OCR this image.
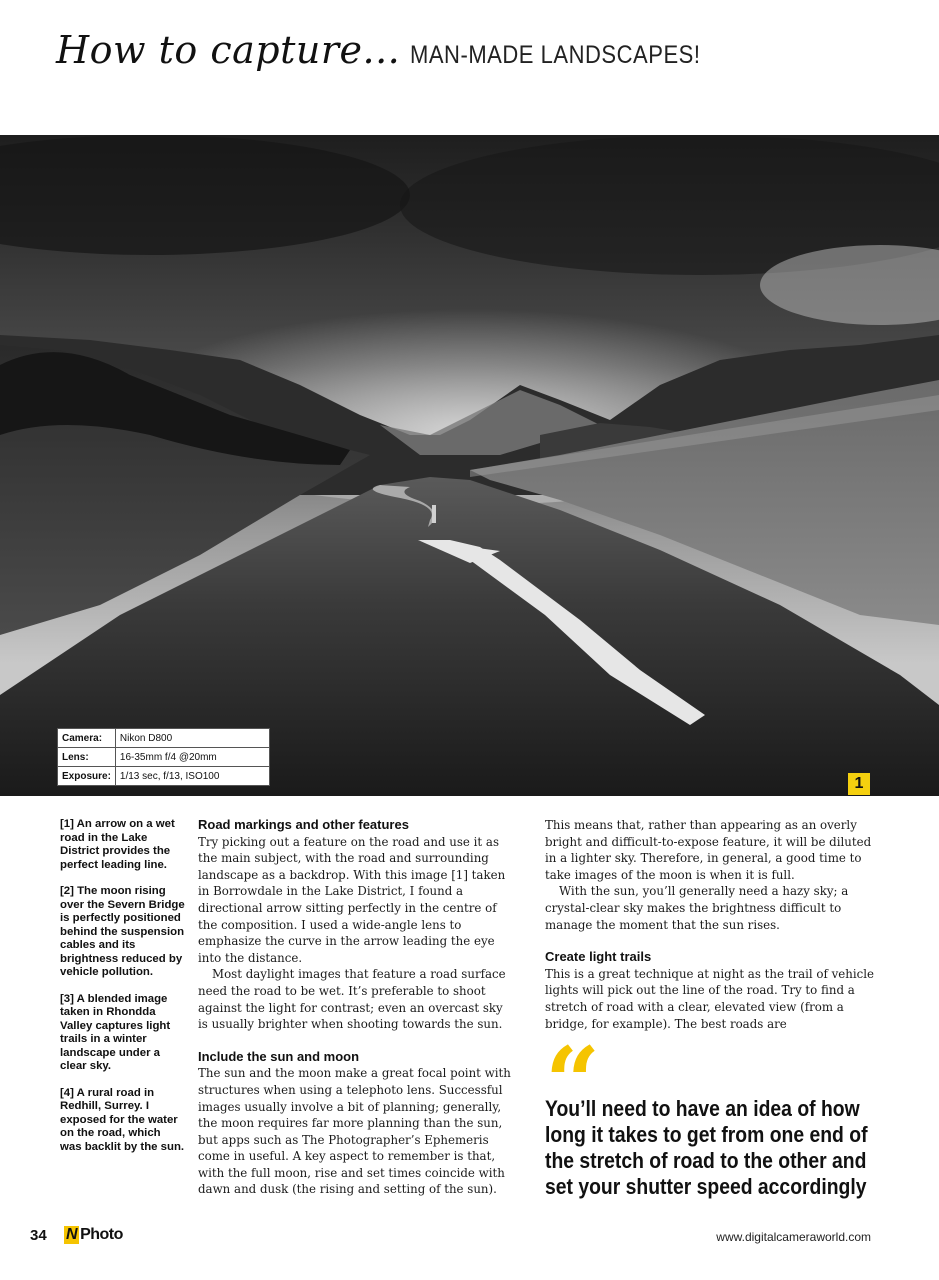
How to capture... MAN-MADE LANDSCAPES!
1
Camera:	Nikon D800
Lens:	16-35mm f/4 @20mm
Exposure:	1/13 sec, f/13, ISO100

[1] An arrow on a wet road in the Lake District provides the perfect leading line.

[2] The moon rising over the Severn Bridge is perfectly positioned behind the suspension cables and its brightness reduced by vehicle pollution.

[3] A blended image taken in Rhondda Valley captures light trails in a winter landscape under a clear sky.

[4] A rural road in Redhill, Surrey. I exposed for the water on the road, which was backlit by the sun.

Road markings and other features

Try picking out a feature on the road and use it as the main subject, with the road and surrounding landscape as a backdrop. With this image [1] taken in Borrowdale in the Lake District, I found a directional arrow sitting perfectly in the centre of the composition. I used a wide-angle lens to emphasize the curve in the arrow leading the eye into the distance.

Most daylight images that feature a road surface need the road to be wet. It’s preferable to shoot against the light for contrast; even an overcast sky is usually brighter when shooting towards the sun.

Include the sun and moon

The sun and the moon make a great focal point with structures when using a telephoto lens. Successful images usually involve a bit of planning; generally, the moon requires far more planning than the sun, but apps such as The Photographer’s Ephemeris come in useful. A key aspect to remember is that, with the full moon, rise and set times coincide with dawn and dusk (the rising and setting of the sun).

This means that, rather than appearing as an overly bright and difficult-to-expose feature, it will be diluted in a lighter sky. Therefore, in general, a good time to take images of the moon is when it is full.

With the sun, you’ll generally need a hazy sky; a crystal-clear sky makes the brightness difficult to manage the moment that the sun rises.

Create light trails

This is a great technique at night as the trail of vehicle lights will pick out the line of the road. Try to find a stretch of road with a clear, elevated view (from a bridge, for example). The best roads are

“
You’ll need to have an idea of how long it takes to get from one end of the stretch of road to the other and set your shutter speed accordingly
34 N Photo	www.digitalcameraworld.com
